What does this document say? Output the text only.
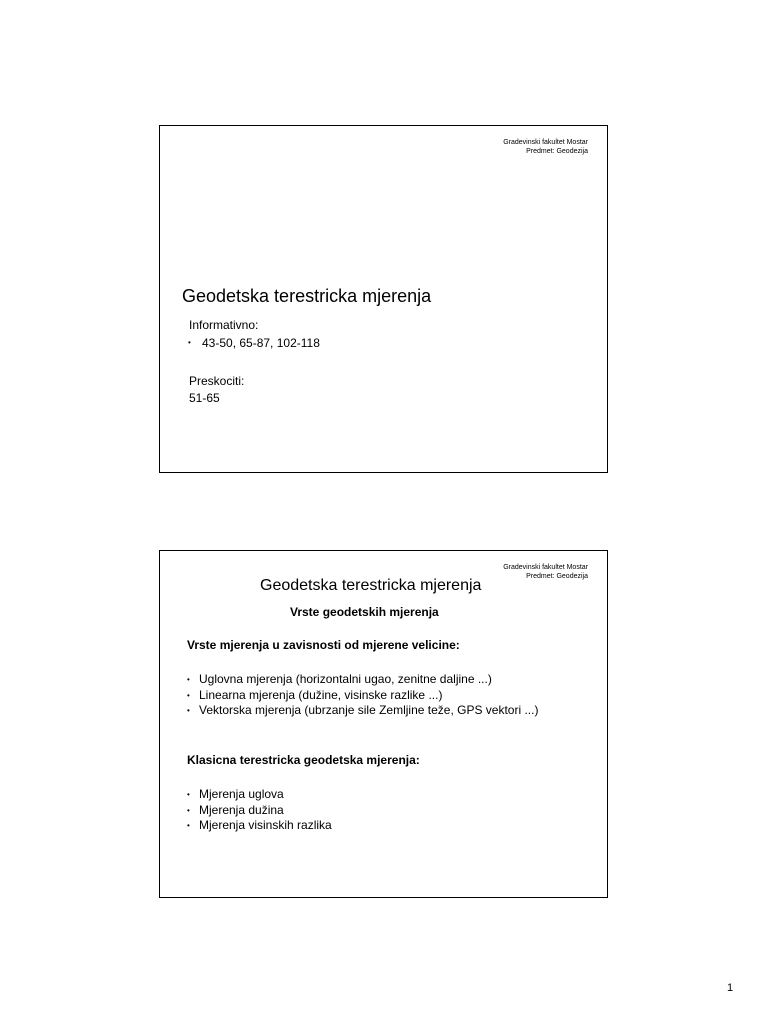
Gradevinski fakultet Mostar
Predmet: Geodezija
Geodetska terestricka mjerenja
Informativno:
• 43-50, 65-87, 102-118
Preskociti:
51-65
Gradevinski fakultet Mostar
Predmet: Geodezija
Geodetska terestricka mjerenja
Vrste geodetskih mjerenja
Vrste mjerenja u zavisnosti od mjerene velicine:
• Uglovna mjerenja (horizontalni ugao, zenitne daljine ...)
• Linearna mjerenja (dužine, visinske razlike ...)
• Vektorska mjerenja (ubrzanje sile Zemljine teže, GPS vektori ...)
Klasicna terestricka geodetska mjerenja:
• Mjerenja uglova
• Mjerenja dužina
• Mjerenja visinskih razlika
1
